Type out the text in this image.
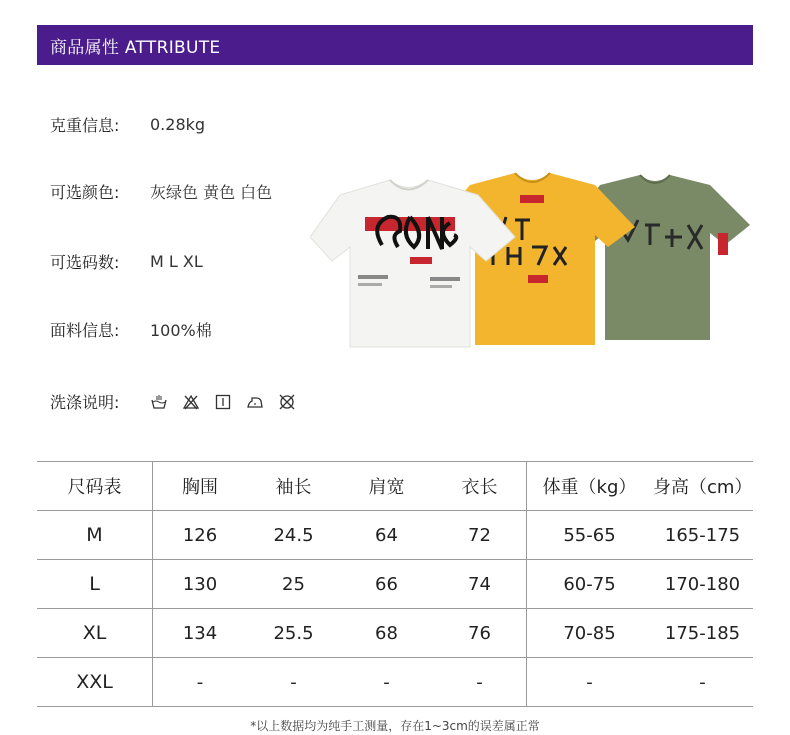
商品属性 ATTRIBUTE
克重信息:	0.28kg
可选颜色:	灰绿色 黄色 白色
可选码数:	M L XL
面料信息:	100%棉
洗涤说明:
尺码表	胸围	袖长	肩宽	衣长	体重（kg）	身高（cm）
M	126	24.5	64	72	55-65	165-175
L	130	25	66	74	60-75	170-180
XL	134	25.5	68	76	70-85	175-185
XXL	-	-	-	-	-	-
*以上数据均为纯手工测量，存在1~3cm的误差属正常
